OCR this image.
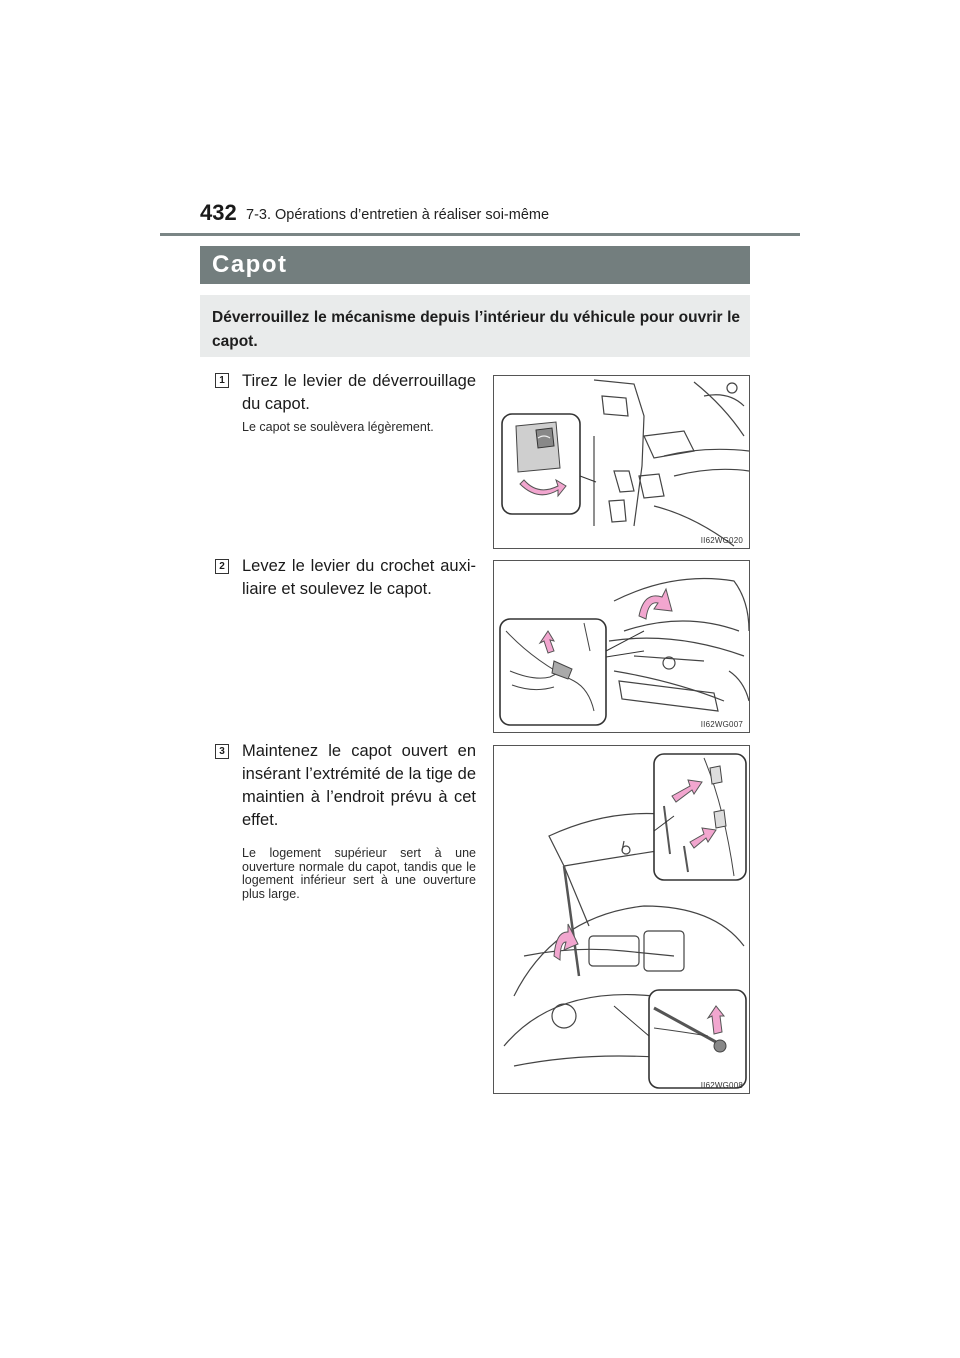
432 7-3. Opérations d’entretien à réaliser soi-même
Capot
Déverrouillez le mécanisme depuis l’intérieur du véhicule pour ouvrir le capot.
1 Tirez le levier de déverrouillage du capot.
Le capot se soulèvera légèrement.
II62WG020
2 Levez le levier du crochet auxi-liaire et soulevez le capot.
II62WG007
3 Maintenez le capot ouvert en insérant l’extrémité de la tige de maintien à l’endroit prévu à cet effet.
Le logement supérieur sert à une ouverture normale du capot, tandis que le logement inférieur sert à une ouverture plus large.
II62WG008
